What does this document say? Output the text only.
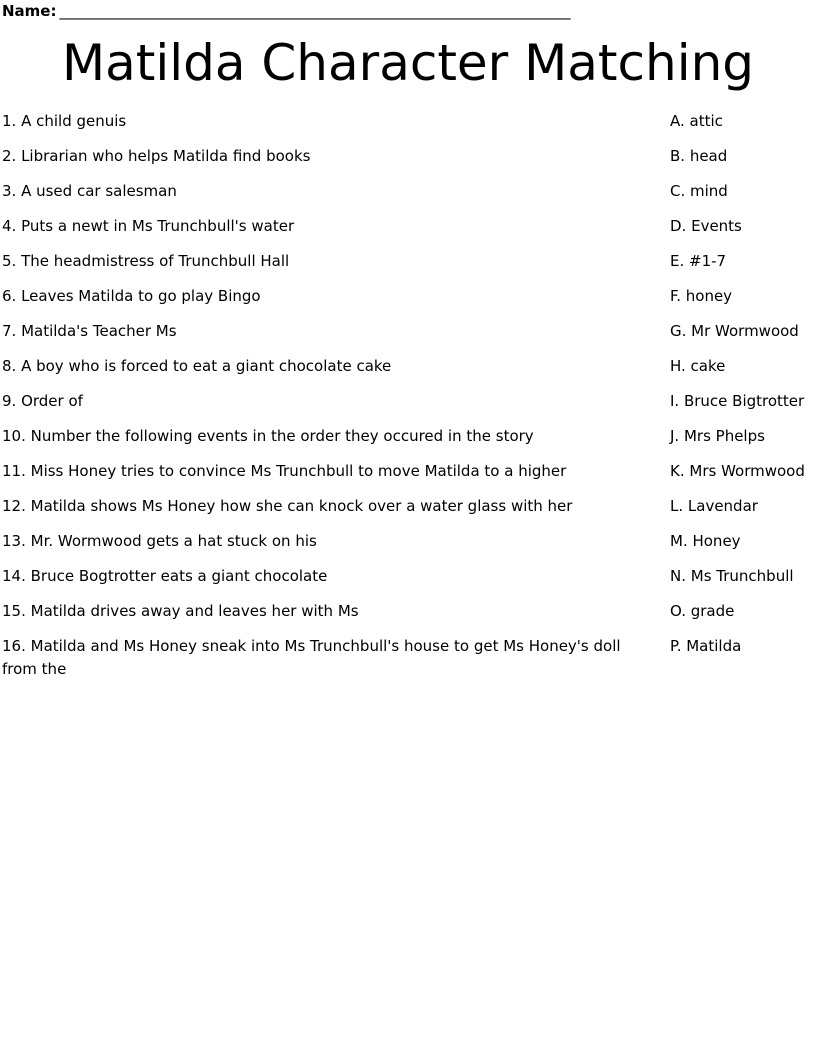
Name: ______________________________________________________________________
Matilda Character Matching
1. A child genuis
2. Librarian who helps Matilda find books
3. A used car salesman
4. Puts a newt in Ms Trunchbull's water
5. The headmistress of Trunchbull Hall
6. Leaves Matilda to go play Bingo
7. Matilda's Teacher Ms
8. A boy who is forced to eat a giant chocolate cake
9. Order of
10. Number the following events in the order they occured in the story
11. Miss Honey tries to convince Ms Trunchbull to move Matilda to a higher
12. Matilda shows Ms Honey how she can knock over a water glass with her
13. Mr. Wormwood gets a hat stuck on his
14. Bruce Bogtrotter eats a giant chocolate
15. Matilda drives away and leaves her with Ms
16. Matilda and Ms Honey sneak into Ms Trunchbull's house to get Ms Honey's doll from the
A. attic
B. head
C. mind
D. Events
E. #1-7
F. honey
G. Mr Wormwood
H. cake
I. Bruce Bigtrotter
J. Mrs Phelps
K. Mrs Wormwood
L. Lavendar
M. Honey
N. Ms Trunchbull
O. grade
P. Matilda
